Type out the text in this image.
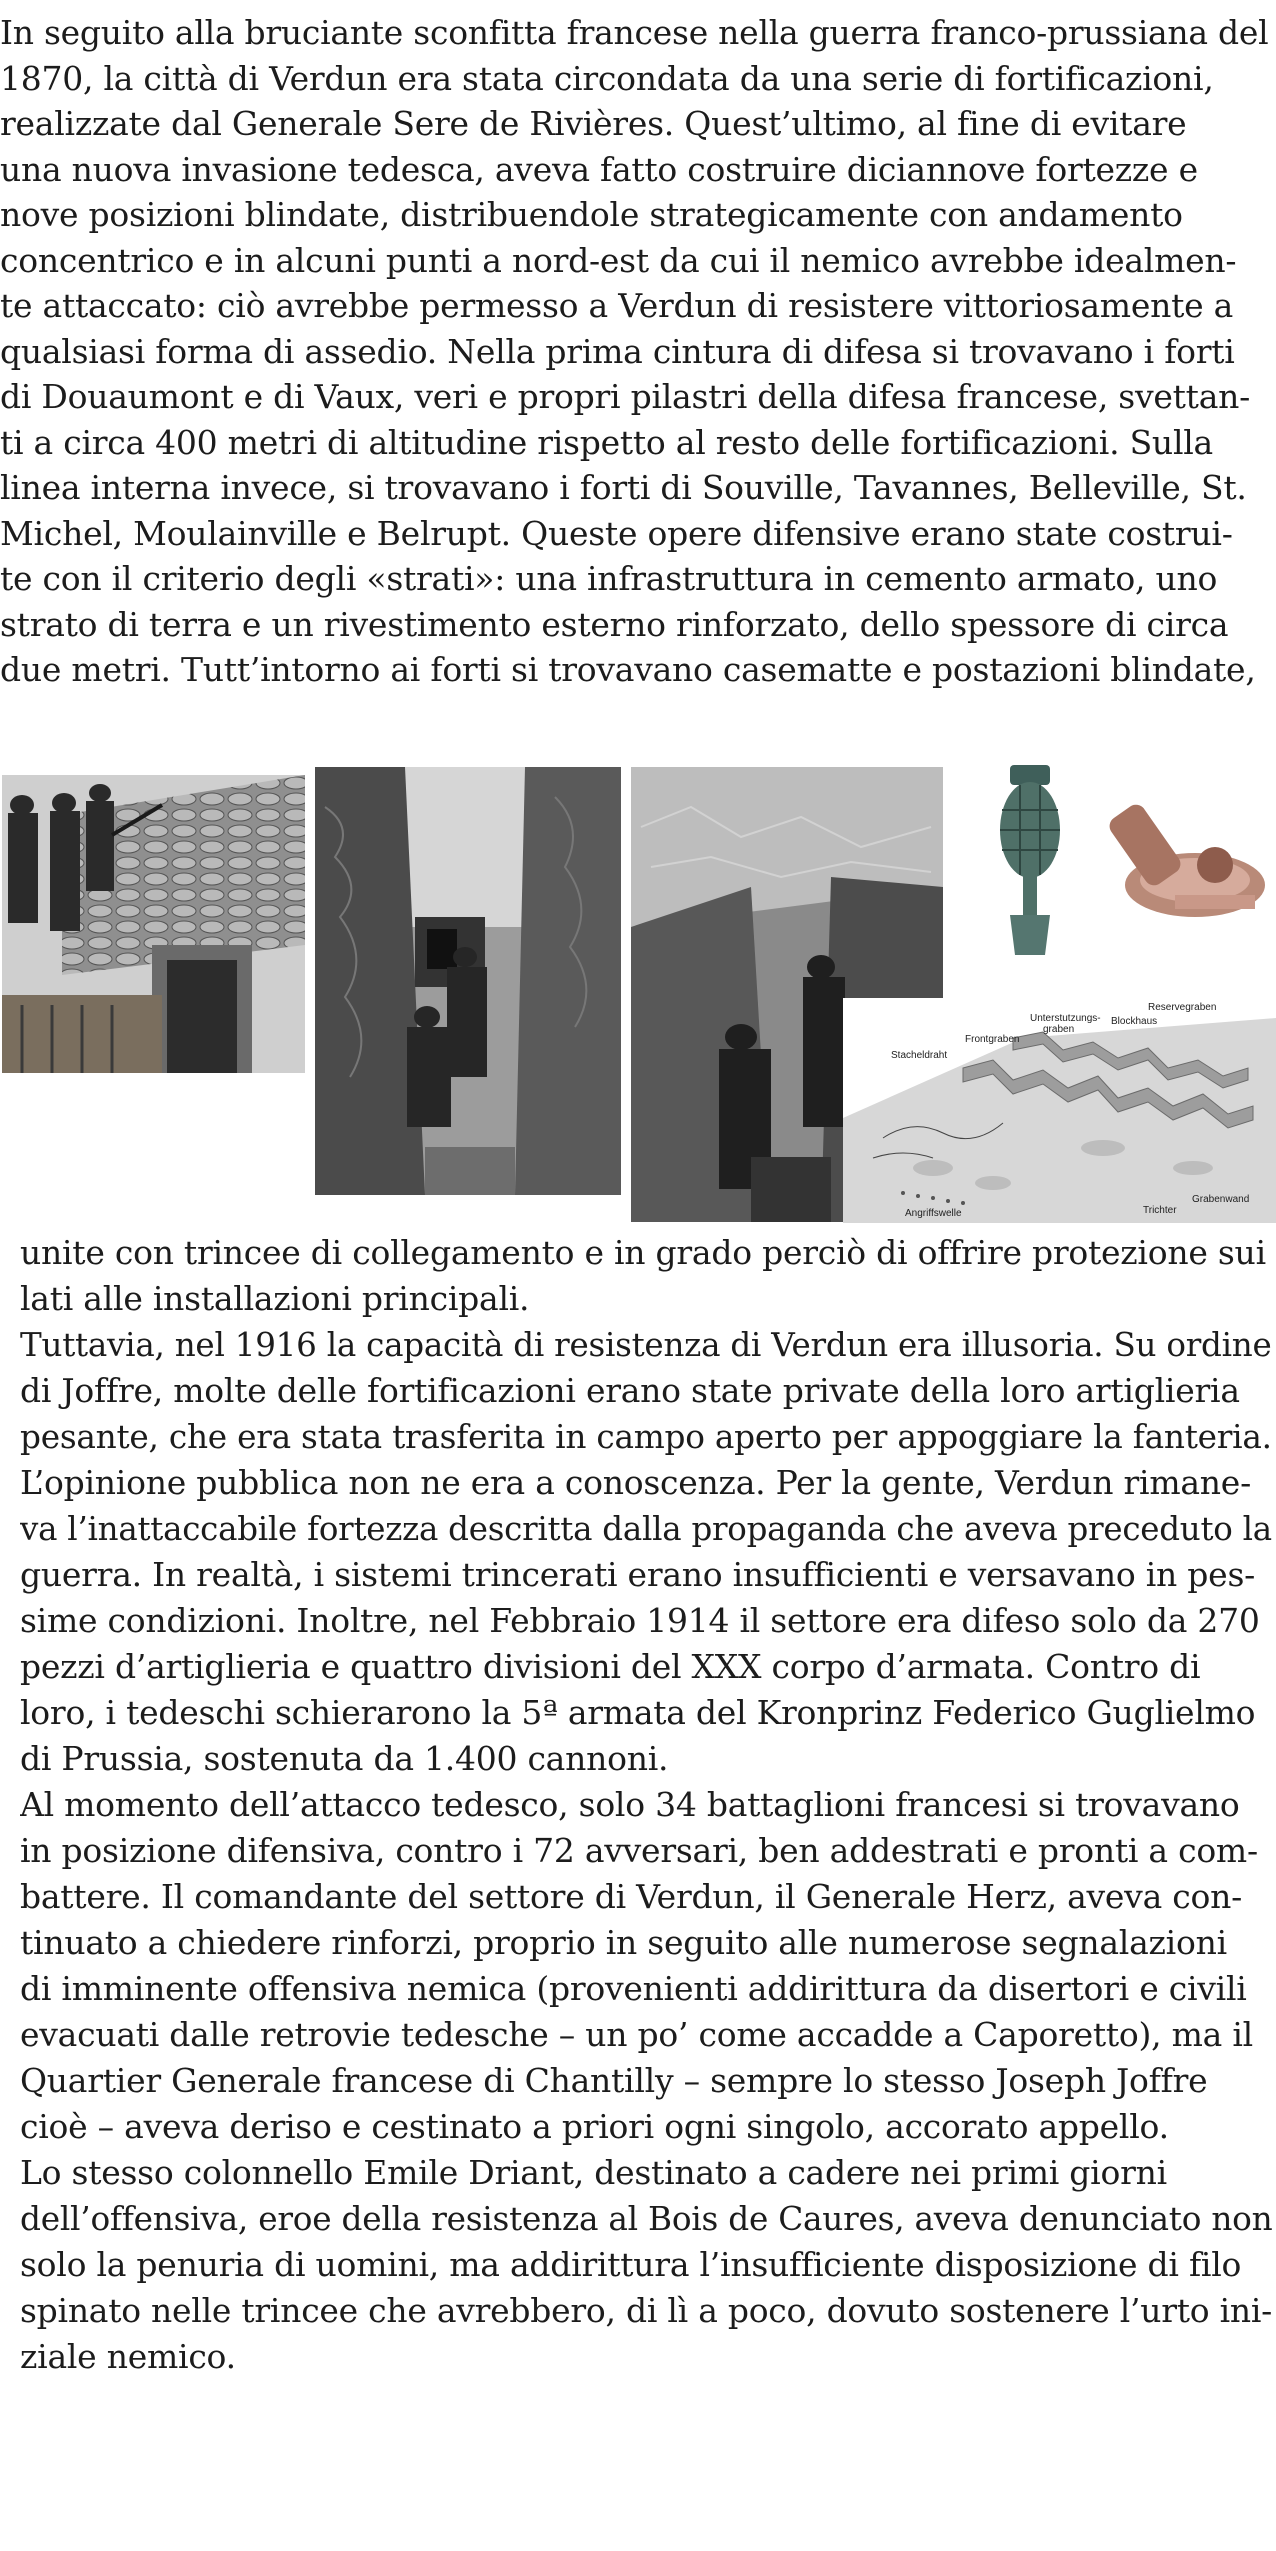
In seguito alla bruciante sconfitta francese nella guerra franco-prussiana del
1870, la città di Verdun era stata circondata da una serie di fortificazioni,
realizzate dal Generale Sere de Rivières. Quest’ultimo, al fine di evitare
una nuova invasione tedesca, aveva fatto costruire diciannove fortezze e
nove posizioni blindate, distribuendole strategicamente con andamento
concentrico e in alcuni punti a nord-est da cui il nemico avrebbe idealmen-
te attaccato: ciò avrebbe permesso a Verdun di resistere vittoriosamente a
qualsiasi forma di assedio. Nella prima cintura di difesa si trovavano i forti
di Douaumont e di Vaux, veri e propri pilastri della difesa francese, svettan-
ti a circa 400 metri di altitudine rispetto al resto delle fortificazioni. Sulla
linea interna invece, si trovavano i forti di Souville, Tavannes, Belleville, St.
Michel, Moulainville e Belrupt. Queste opere difensive erano state costrui-
te con il criterio degli «strati»: una infrastruttura in cemento armato, uno
strato di terra e un rivestimento esterno rinforzato, dello spessore di circa
due metri. Tutt’intorno ai forti si trovavano casematte e postazioni blindate,
Reservegraben
Unterstutzungs-
graben
Blockhaus
Frontgraben
Stacheldraht
Angriffswelle	Trichter
Grabenwand
unite con trincee di collegamento e in grado perciò di offrire protezione sui
lati alle installazioni principali.
Tuttavia, nel 1916 la capacità di resistenza di Verdun era illusoria. Su ordine
di Joffre, molte delle fortificazioni erano state private della loro artiglieria
pesante, che era stata trasferita in campo aperto per appoggiare la fanteria.
L’opinione pubblica non ne era a conoscenza. Per la gente, Verdun rimane-
va l’inattaccabile fortezza descritta dalla propaganda che aveva preceduto la
guerra. In realtà, i sistemi trincerati erano insufficienti e versavano in pes-
sime condizioni. Inoltre, nel Febbraio 1914 il settore era difeso solo da 270
pezzi d’artiglieria e quattro divisioni del XXX corpo d’armata. Contro di
loro, i tedeschi schierarono la 5ª armata del Kronprinz Federico Guglielmo
di Prussia, sostenuta da 1.400 cannoni.
Al momento dell’attacco tedesco, solo 34 battaglioni francesi si trovavano
in posizione difensiva, contro i 72 avversari, ben addestrati e pronti a com-
battere. Il comandante del settore di Verdun, il Generale Herz, aveva con-
tinuato a chiedere rinforzi, proprio in seguito alle numerose segnalazioni
di imminente offensiva nemica (provenienti addirittura da disertori e civili
evacuati dalle retrovie tedesche – un po’ come accadde a Caporetto), ma il
Quartier Generale francese di Chantilly – sempre lo stesso Joseph Joffre
cioè – aveva deriso e cestinato a priori ogni singolo, accorato appello.
Lo stesso colonnello Emile Driant, destinato a cadere nei primi giorni
dell’offensiva, eroe della resistenza al Bois de Caures, aveva denunciato non
solo la penuria di uomini, ma addirittura l’insufficiente disposizione di filo
spinato nelle trincee che avrebbero, di lì a poco, dovuto sostenere l’urto ini-
ziale nemico.
